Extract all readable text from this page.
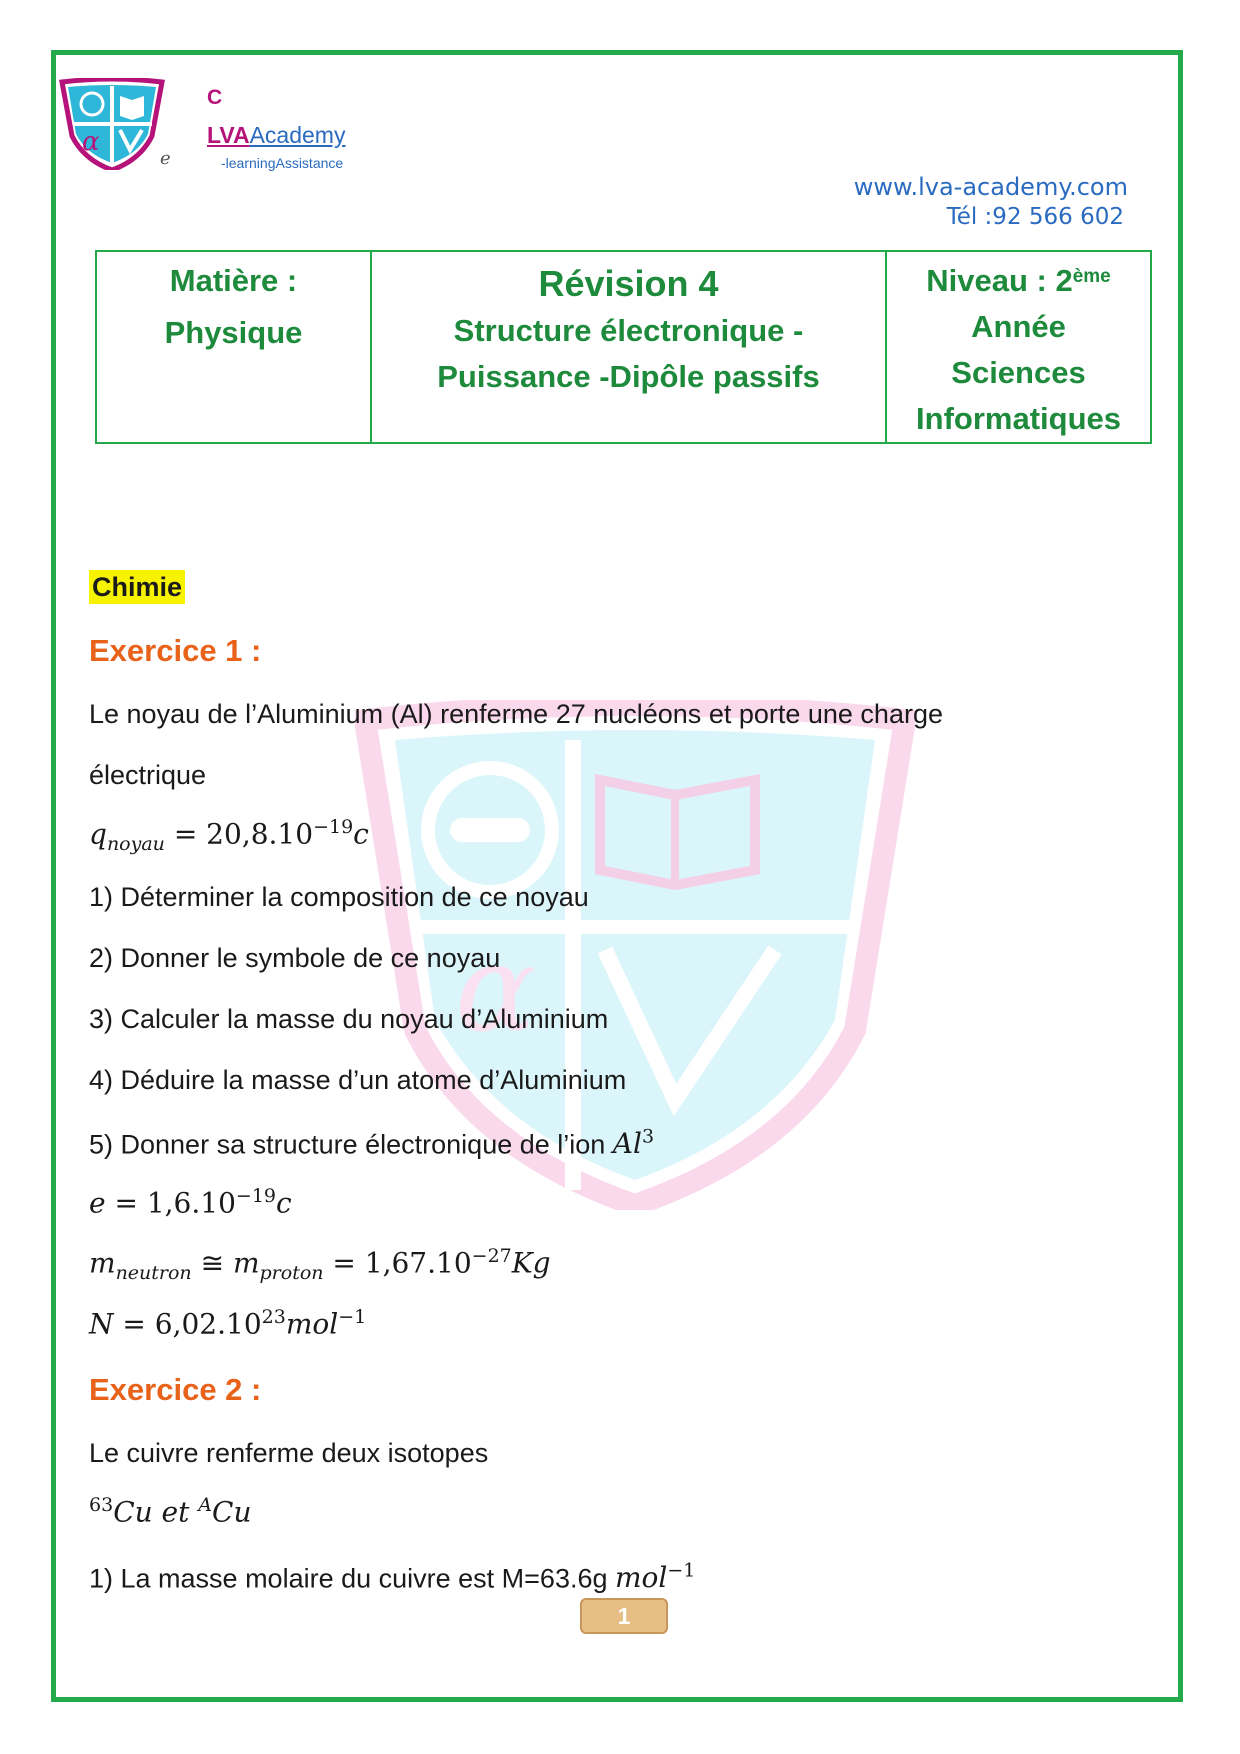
α
α
e
C
LVAAcademy
-learningAssistance
www.lva-academy.com
Tél :92 566 602
Matière :
Physique

Révision 4
Structure électronique -
Puissance -Dipôle passifs

Niveau : 2ème
Année
Sciences
Informatiques
Chimie
Exercice 1 :
Le noyau de l’Aluminium (Al) renferme 27 nucléons et porte une charge
électrique
$q_{noyau} = 20,8.10^{-19}c$
1) Déterminer la composition de ce noyau
2) Donner le symbole de ce noyau
3) Calculer la masse du noyau d’Aluminium
4) Déduire la masse d’un atome d’Aluminium
5) Donner sa structure électronique de l’ion Al$^3$
$e = 1,6.10^{-19}c$
$m_{neutron}$ ≅ $m_{proton} = 1,67.10^{-27}Kg$
$N = 6,02.10^{23}mol^{-1}$
Exercice 2 :
Le cuivre renferme deux isotopes
$^{63}$Cu et $^A$Cu
1) La masse molaire du cuivre est M=63.6g mol$^{-1}$
1
